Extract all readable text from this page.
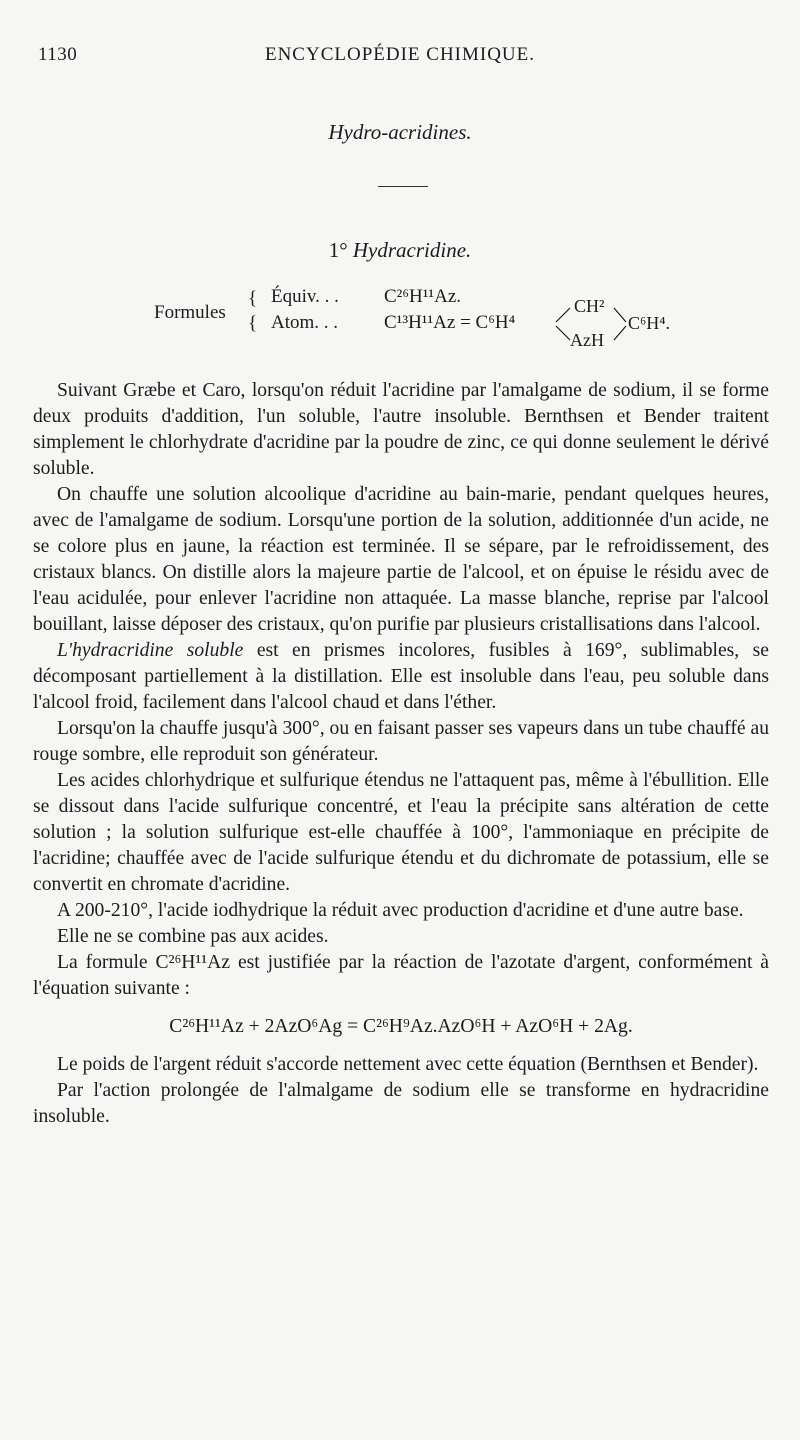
1130	ENCYCLOPÉDIE CHIMIQUE.
Hydro-acridines.
1° Hydracridine.
Formules
{
{
Équiv. . .
Atom. . .
C²⁶H¹¹Az.
C¹³H¹¹Az = C⁶H⁴
CH²
AzH
C⁶H⁴.

Suivant Græbe et Caro, lorsqu'on réduit l'acridine par l'amalgame de sodium, il se forme deux produits d'addition, l'un soluble, l'autre insoluble. Bernthsen et Bender traitent simplement le chlorhydrate d'acridine par la poudre de zinc, ce qui donne seulement le dérivé soluble.

On chauffe une solution alcoolique d'acridine au bain-marie, pendant quelques heures, avec de l'amalgame de sodium. Lorsqu'une portion de la solution, additionnée d'un acide, ne se colore plus en jaune, la réaction est terminée. Il se sépare, par le refroidissement, des cristaux blancs. On distille alors la majeure partie de l'alcool, et on épuise le résidu avec de l'eau acidulée, pour enlever l'acridine non attaquée. La masse blanche, reprise par l'alcool bouillant, laisse déposer des cristaux, qu'on purifie par plusieurs cristallisations dans l'alcool.

L'hydracridine soluble est en prismes incolores, fusibles à 169°, sublimables, se décomposant partiellement à la distillation. Elle est insoluble dans l'eau, peu soluble dans l'alcool froid, facilement dans l'alcool chaud et dans l'éther.

Lorsqu'on la chauffe jusqu'à 300°, ou en faisant passer ses vapeurs dans un tube chauffé au rouge sombre, elle reproduit son générateur.

Les acides chlorhydrique et sulfurique étendus ne l'attaquent pas, même à l'ébullition. Elle se dissout dans l'acide sulfurique concentré, et l'eau la précipite sans altération de cette solution ; la solution sulfurique est-elle chauffée à 100°, l'ammoniaque en précipite de l'acridine; chauffée avec de l'acide sulfurique étendu et du dichromate de potassium, elle se convertit en chromate d'acridine.

A 200-210°, l'acide iodhydrique la réduit avec production d'acridine et d'une autre base.

Elle ne se combine pas aux acides.

La formule C²⁶H¹¹Az est justifiée par la réaction de l'azotate d'argent, conformément à l'équation suivante :

C²⁶H¹¹Az + 2AzO⁶Ag = C²⁶H⁹Az.AzO⁶H + AzO⁶H + 2Ag.

Le poids de l'argent réduit s'accorde nettement avec cette équation (Bernthsen et Bender).

Par l'action prolongée de l'almalgame de sodium elle se transforme en hydracridine insoluble.
